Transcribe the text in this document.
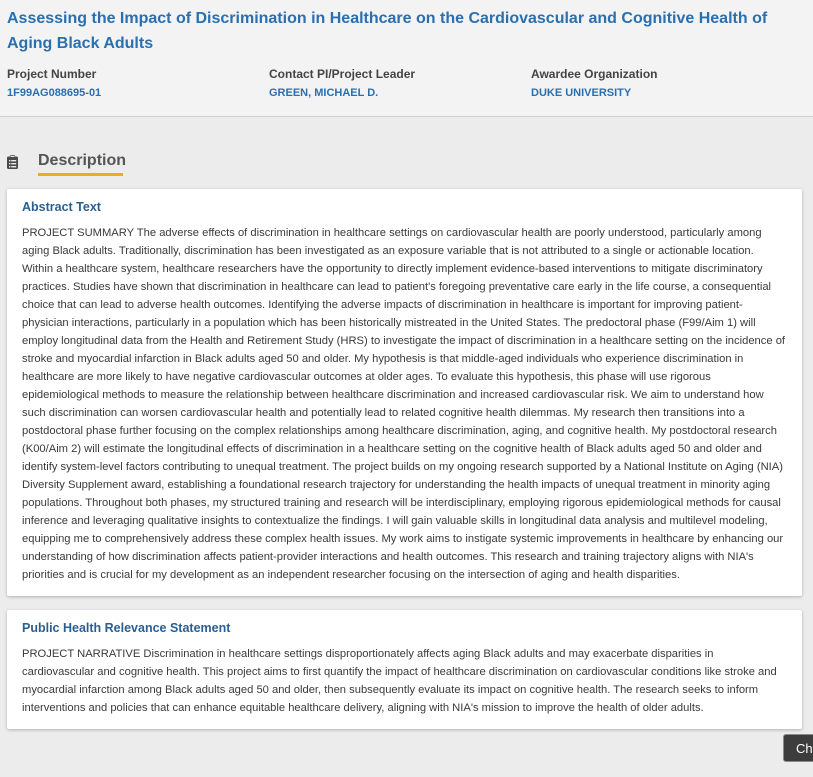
Assessing the Impact of Discrimination in Healthcare on the Cardiovascular and Cognitive Health of Aging Black Adults
Project Number
1F99AG088695-01
Contact PI/Project Leader
GREEN, MICHAEL D.
Awardee Organization
DUKE UNIVERSITY
Description
Abstract Text

PROJECT SUMMARY The adverse effects of discrimination in healthcare settings on cardiovascular health are poorly understood, particularly among aging Black adults. Traditionally, discrimination has been investigated as an exposure variable that is not attributed to a single or actionable location. Within a healthcare system, healthcare researchers have the opportunity to directly implement evidence-based interventions to mitigate discriminatory practices. Studies have shown that discrimination in healthcare can lead to patient's foregoing preventative care early in the life course, a consequential choice that can lead to adverse health outcomes. Identifying the adverse impacts of discrimination in healthcare is important for improving patient-physician interactions, particularly in a population which has been historically mistreated in the United States. The predoctoral phase (F99/Aim 1) will employ longitudinal data from the Health and Retirement Study (HRS) to investigate the impact of discrimination in a healthcare setting on the incidence of stroke and myocardial infarction in Black adults aged 50 and older. My hypothesis is that middle-aged individuals who experience discrimination in healthcare are more likely to have negative cardiovascular outcomes at older ages. To evaluate this hypothesis, this phase will use rigorous epidemiological methods to measure the relationship between healthcare discrimination and increased cardiovascular risk. We aim to understand how such discrimination can worsen cardiovascular health and potentially lead to related cognitive health dilemmas. My research then transitions into a postdoctoral phase further focusing on the complex relationships among healthcare discrimination, aging, and cognitive health. My postdoctoral research (K00/Aim 2) will estimate the longitudinal effects of discrimination in a healthcare setting on the cognitive health of Black adults aged 50 and older and identify system-level factors contributing to unequal treatment. The project builds on my ongoing research supported by a National Institute on Aging (NIA) Diversity Supplement award, establishing a foundational research trajectory for understanding the health impacts of unequal treatment in minority aging populations. Throughout both phases, my structured training and research will be interdisciplinary, employing rigorous epidemiological methods for causal inference and leveraging qualitative insights to contextualize the findings. I will gain valuable skills in longitudinal data analysis and multilevel modeling, equipping me to comprehensively address these complex health issues. My work aims to instigate systemic improvements in healthcare by enhancing our understanding of how discrimination affects patient-provider interactions and health outcomes. This research and training trajectory aligns with NIA's priorities and is crucial for my development as an independent researcher focusing on the intersection of aging and health disparities.

Public Health Relevance Statement

PROJECT NARRATIVE Discrimination in healthcare settings disproportionately affects aging Black adults and may exacerbate disparities in cardiovascular and cognitive health. This project aims to first quantify the impact of healthcare discrimination on cardiovascular conditions like stroke and myocardial infarction among Black adults aged 50 and older, then subsequently evaluate its impact on cognitive health. The research seeks to inform interventions and policies that can enhance equitable healthcare delivery, aligning with NIA's mission to improve the health of older adults.

Ch
